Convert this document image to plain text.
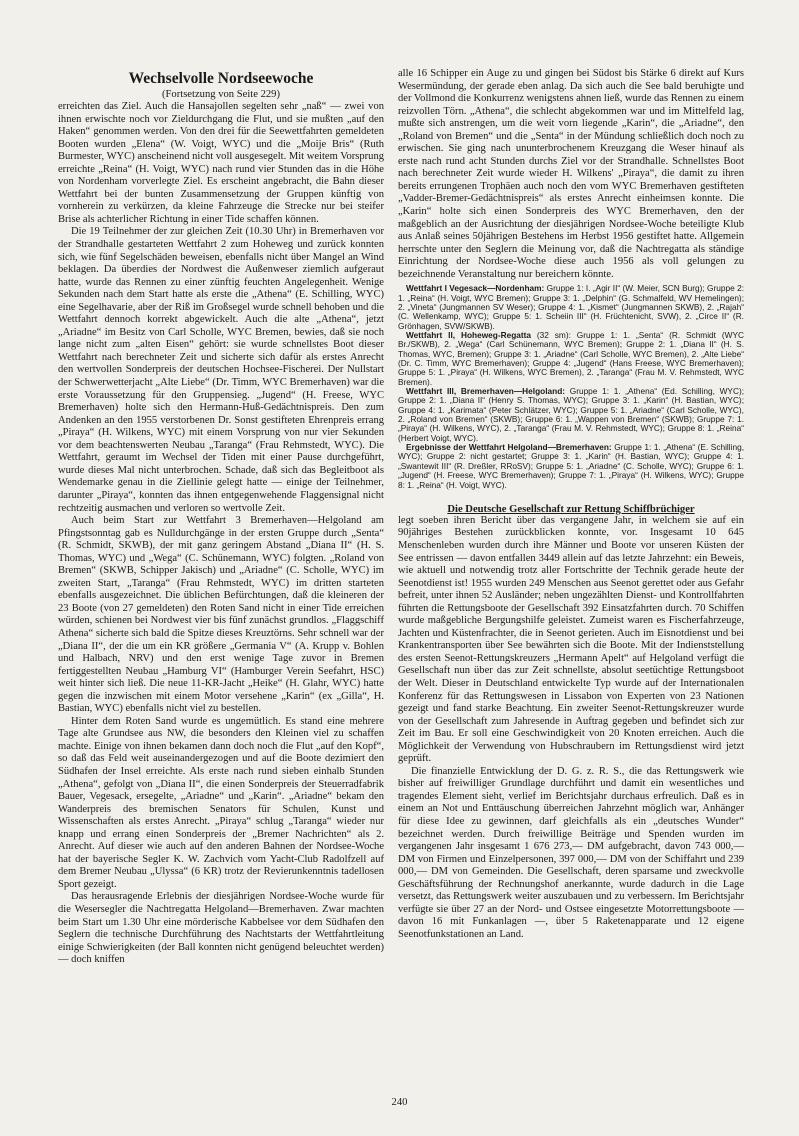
Wechselvolle Nordseewoche
(Fortsetzung von Seite 229)

erreichten das Ziel. Auch die Hansajollen segelten sehr „naß“ — zwei von ihnen erwischte noch vor Zieldurchgang die Flut, und sie mußten „auf den Haken“ genommen werden. Von den drei für die Seewettfahrten gemeldeten Booten wurden „Elena“ (W. Voigt, WYC) und die „Moije Bris“ (Ruth Burmester, WYC) anscheinend nicht voll ausgesegelt. Mit weitem Vorsprung erreichte „Reina“ (H. Voigt, WYC) nach rund vier Stunden das in die Höhe von Nordenham vorverlegte Ziel. Es erscheint angebracht, die Bahn dieser Wettfahrt bei der bunten Zusammensetzung der Gruppen künftig von vornherein zu verkürzen, da kleine Fahrzeuge die Strecke nur bei steifer Brise als achterlicher Richtung in einer Tide schaffen können.

Die 19 Teilnehmer der zur gleichen Zeit (10.30 Uhr) in Bremerhaven vor der Strandhalle gestarteten Wettfahrt 2 zum Hoheweg und zurück konnten sich, wie fünf Segelschäden beweisen, ebenfalls nicht über Mangel an Wind beklagen. Da überdies der Nordwest die Außenweser ziemlich aufgeraut hatte, wurde das Rennen zu einer zünftig feuchten Angelegenheit. Wenige Sekunden nach dem Start hatte als erste die „Athena“ (E. Schilling, WYC) eine Segelhavarie, aber der Riß im Großsegel wurde schnell behoben und die Wettfahrt dennoch korrekt abgewickelt. Auch die alte „Athena“, jetzt „Ariadne“ im Besitz von Carl Scholle, WYC Bremen, bewies, daß sie noch lange nicht zum „alten Eisen“ gehört: sie wurde schnellstes Boot dieser Wettfahrt nach berechneter Zeit und sicherte sich dafür als erstes Anrecht den wertvollen Sonderpreis der deutschen Hochsee-Fischerei. Der Nullstart der Schwerwetterjacht „Alte Liebe“ (Dr. Timm, WYC Bremerhaven) war die erste Voraussetzung für den Gruppensieg. „Jugend“ (H. Freese, WYC Bremerhaven) holte sich den Hermann-Huß-Gedächtnispreis. Den zum Andenken an den 1955 verstorbenen Dr. Sonst gestifteten Ehrenpreis errang „Piraya“ (H. Wilkens, WYC) mit einem Vorsprung von nur vier Sekunden vor dem beachtenswerten Neubau „Taranga“ (Frau Rehmstedt, WYC). Die Wettfahrt, geraumt im Wechsel der Tiden mit einer Pause durchgeführt, wurde dieses Mal nicht unterbrochen. Schade, daß sich das Begleitboot als Wendemarke genau in die Ziellinie gelegt hatte — einige der Teilnehmer, darunter „Piraya“, konnten das ihnen entgegenwehende Flaggensignal nicht rechtzeitig ausmachen und verloren so wertvolle Zeit.

Auch beim Start zur Wettfahrt 3 Bremerhaven—Helgoland am Pfingstsonntag gab es Nulldurchgänge in der ersten Gruppe durch „Senta“ (R. Schmidt, SKWB), der mit ganz geringem Abstand „Diana II“ (H. S. Thomas, WYC) und „Wega“ (C. Schünemann, WYC) folgten. „Roland von Bremen“ (SKWB, Schipper Jakisch) und „Ariadne“ (C. Scholle, WYC) im zweiten Start, „Taranga“ (Frau Rehmstedt, WYC) im dritten starteten ebenfalls ausgezeichnet. Die üblichen Befürchtungen, daß die kleineren der 23 Boote (von 27 gemeldeten) den Roten Sand nicht in einer Tide erreichen würden, schienen bei Nordwest vier bis fünf zunächst grundlos. „Flaggschiff Athena“ sicherte sich bald die Spitze dieses Kreuztörns. Sehr schnell war der „Diana II“, der die um ein KR größere „Germania V“ (A. Krupp v. Bohlen und Halbach, NRV) und den erst wenige Tage zuvor in Bremen fertiggestellten Neubau „Hamburg VI“ (Hamburger Verein Seefahrt, HSC) weit hinter sich ließ. Die neue 11-KR-Jacht „Heike“ (H. Glahr, WYC) hatte gegen die inzwischen mit einem Motor versehene „Karin“ (ex „Gilla“, H. Bastian, WYC) ebenfalls nicht viel zu bestellen.

Hinter dem Roten Sand wurde es ungemütlich. Es stand eine mehrere Tage alte Grundsee aus NW, die besonders den Kleinen viel zu schaffen machte. Einige von ihnen bekamen dann doch noch die Flut „auf den Kopf“, so daß das Feld weit auseinandergezogen und auf die Boote dezimiert den Südhafen der Insel erreichte. Als erste nach rund sieben einhalb Stunden „Athena“, gefolgt von „Diana II“, die einen Sonderpreis der Steuerradfabrik Bauer, Vegesack, ersegelte, „Ariadne“ und „Karin“. „Ariadne“ bekam den Wanderpreis des bremischen Senators für Schulen, Kunst und Wissenschaften als erstes Anrecht. „Piraya“ schlug „Taranga“ wieder nur knapp und errang einen Sonderpreis der „Bremer Nachrichten“ als 2. Anrecht. Auf dieser wie auch auf den anderen Bahnen der Nordsee-Woche hat der bayerische Segler K. W. Zachvich vom Yacht-Club Radolfzell auf dem Bremer Neubau „Ulyssa“ (6 KR) trotz der Revierunkenntnis tadellosen Sport gezeigt.

Das herausragende Erlebnis der diesjährigen Nordsee-Woche wurde für die Wesersegler die Nachtregatta Helgoland—Bremerhaven. Zwar machten beim Start um 1.30 Uhr eine mörderische Kabbelsee vor dem Südhafen den Seglern die technische Durchführung des Nachtstarts der Wettfahrtleitung einige Schwierigkeiten (der Ball konnten nicht genügend beleuchtet werden) — doch kniffen

alle 16 Schipper ein Auge zu und gingen bei Südost bis Stärke 6 direkt auf Kurs Wesermündung, der gerade eben anlag. Da sich auch die See bald beruhigte und der Vollmond die Konkurrenz wenigstens ahnen ließ, wurde das Rennen zu einem reizvollen Törn. „Athena“, die schlecht abgekommen war und im Mittelfeld lag, mußte sich anstrengen, um die weit vorn liegende „Karin“, die „Ariadne“, den „Roland von Bremen“ und die „Senta“ in der Mündung schließlich doch noch zu erwischen. Sie ging nach ununterbrochenem Kreuzgang die Weser hinauf als erste nach rund acht Stunden durchs Ziel vor der Strandhalle. Schnellstes Boot nach berechneter Zeit wurde wieder H. Wilkens' „Piraya“, die damit zu ihren bereits errungenen Trophäen auch noch den vom WYC Bremerhaven gestifteten „Vadder-Bremer-Gedächtnispreis“ als erstes Anrecht einheimsen konnte. Die „Karin“ holte sich einen Sonderpreis des WYC Bremerhaven, den der maßgeblich an der Ausrichtung der diesjährigen Nordsee-Woche beteiligte Klub aus Anlaß seines 50jährigen Bestehens im Herbst 1956 gestiftet hatte. Allgemein herrschte unter den Seglern die Meinung vor, daß die Nachtregatta als ständige Einrichtung der Nordsee-Woche diese auch 1956 als voll gelungen zu bezeichnende Veranstaltung nur bereichern könnte.

Wettfahrt I Vegesack—Nordenham: Gruppe 1: I. „Agir II“ (W. Meier, SCN Burg); Gruppe 2: 1. „Reina“ (H. Voigt, WYC Bremen); Gruppe 3: 1. „Delphin“ (G. Schmalfeld, WV Hemelingen); 2. „Vineta“ (Jungmannen SV Weser); Gruppe 4: 1. „Kismet“ (Jungmannen SKWB), 2. „Rajah“ (C. Wellenkamp, WYC); Gruppe 5: 1. Scheiin III“ (H. Früchtenicht, SVW), 2. „Circe II“ (R. Grönhagen, SVW/SKWB).

Wettfahrt II, Hoheweg-Regatta (32 sm): Gruppe 1: 1. „Senta“ (R. Schmidt (WYC Br./SKWB), 2. „Wega“ (Carl Schünemann, WYC Bremen); Gruppe 2: 1. „Diana II“ (H. S. Thomas, WYC, Bremen); Gruppe 3: 1. „Ariadne“ (Carl Scholle, WYC Bremen), 2. „Alte Liebe“ (Dr. C. Timm, WYC Bremerhaven); Gruppe 4: „Jugend“ (Hans Freese, WYC Bremerhaven); Gruppe 5: 1. „Piraya“ (H. Wilkens, WYC Bremen), 2. „Taranga“ (Frau M. V. Rehmstedt, WYC Bremen).

Wettfahrt III, Bremerhaven—Helgoland: Gruppe 1: 1. „Athena“ (Ed. Schilling, WYC); Gruppe 2: 1. „Diana II“ (Henry S. Thomas, WYC); Gruppe 3: 1. „Karin“ (H. Bastian, WYC); Gruppe 4: 1. „Karimata“ (Peter Schlätzer, WYC); Gruppe 5: 1. „Ariadne“ (Carl Scholle, WYC), 2. „Roland von Bremen“ (SKWB); Gruppe 6: 1. „Wappen von Bremen“ (SKWB); Gruppe 7: 1. „Piraya“ (H. Wilkens, WYC), 2. „Taranga“ (Frau M. V. Rehmstedt, WYC); Gruppe 8: 1. „Reina“ (Herbert Voigt, WYC).

Ergebnisse der Wettfahrt Helgoland—Bremerhaven: Gruppe 1: 1. „Athena“ (E. Schilling, WYC); Gruppe 2: nicht gestartet; Gruppe 3: 1. „Karin“ (H. Bastian, WYC); Gruppe 4: 1. „Swantewit III“ (R. Dreßler, RRoSV); Gruppe 5: 1. „Ariadne“ (C. Scholle, WYC); Gruppe 6: 1. „Jugend“ (H. Freese, WYC Bremerhaven); Gruppe 7: 1. „Piraya“ (H. Wilkens, WYC); Gruppe 8: 1. „Reina“ (H. Voigt, WYC).

Die Deutsche Gesellschaft zur Rettung Schiffbrüchiger

legt soeben ihren Bericht über das vergangene Jahr, in welchem sie auf ein 90jähriges Bestehen zurückblicken konnte, vor. Insgesamt 10 645 Menschenleben wurden durch ihre Männer und Boote vor unseren Küsten der See entrissen — davon entfallen 3449 allein auf das letzte Jahrzehnt: ein Beweis, wie aktuell und notwendig trotz aller Fortschritte der Technik gerade heute der Seenotdienst ist! 1955 wurden 249 Menschen aus Seenot gerettet oder aus Gefahr befreit, unter ihnen 52 Ausländer; neben ungezählten Dienst- und Kontrollfahrten führten die Rettungsboote der Gesellschaft 392 Einsatzfahrten durch. 70 Schiffen wurde maßgebliche Bergungshilfe geleistet. Zumeist waren es Fischerfahrzeuge, Jachten und Küstenfrachter, die in Seenot gerieten. Auch im Eisnotdienst und bei Krankentransporten über See bewährten sich die Boote. Mit der Indienststellung des ersten Seenot-Rettungskreuzers „Hermann Apelt“ auf Helgoland verfügt die Gesellschaft nun über das zur Zeit schnellste, absolut seetüchtige Rettungsboot der Welt. Dieser in Deutschland entwickelte Typ wurde auf der Internationalen Konferenz für das Rettungswesen in Lissabon von Experten von 23 Nationen gezeigt und fand starke Beachtung. Ein zweiter Seenot-Rettungskreuzer wurde von der Gesellschaft zum Jahresende in Auftrag gegeben und befindet sich zur Zeit im Bau. Er soll eine Geschwindigkeit von 20 Knoten erreichen. Auch die Möglichkeit der Verwendung von Hubschraubern im Rettungsdienst wird jetzt geprüft.

Die finanzielle Entwicklung der D. G. z. R. S., die das Rettungswerk wie bisher auf freiwilliger Grundlage durchführt und damit ein wesentliches und tragendes Element sieht, verlief im Berichtsjahr durchaus erfreulich. Daß es in einem an Not und Enttäuschung überreichen Jahrzehnt möglich war, Anhänger für diese Idee zu gewinnen, darf gleichfalls als ein „deutsches Wunder“ bezeichnet werden. Durch freiwillige Beiträge und Spenden wurden im vergangenen Jahr insgesamt 1 676 273,— DM aufgebracht, davon 743 000,— DM von Firmen und Einzelpersonen, 397 000,— DM von der Schiffahrt und 239 000,— DM von Gemeinden. Die Gesellschaft, deren sparsame und zweckvolle Geschäftsführung der Rechnungshof anerkannte, wurde dadurch in die Lage versetzt, das Rettungswerk weiter auszubauen und zu verbessern. Im Berichtsjahr verfügte sie über 27 an der Nord- und Ostsee eingesetzte Motorrettungsboote — davon 16 mit Funkanlagen —, über 5 Raketenapparate und 12 eigene Seenotfunkstationen an Land.

240
